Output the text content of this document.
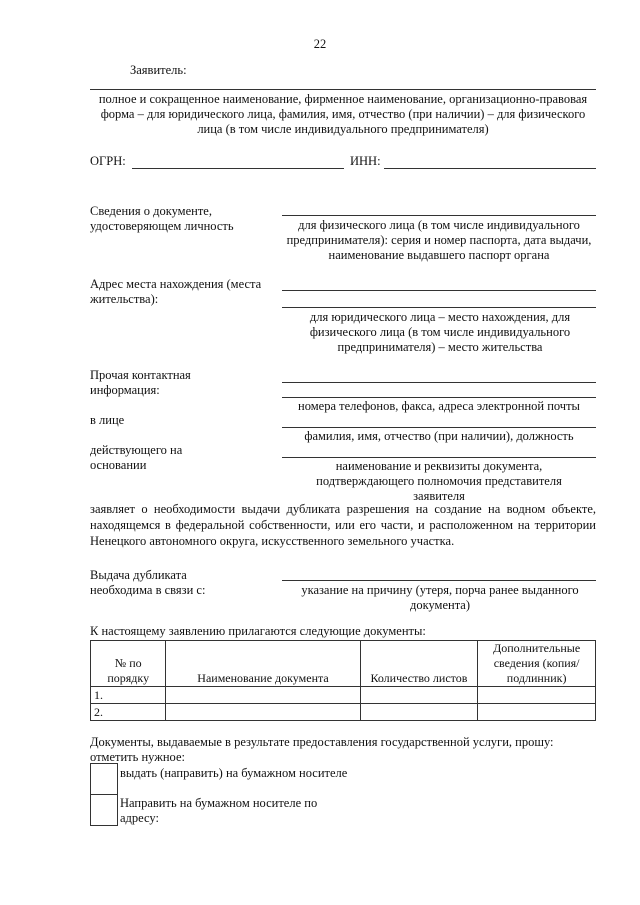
22
Заявитель:
полное и сокращенное наименование, фирменное наименование, организационно-правовая форма – для юридического лица, фамилия, имя, отчество (при наличии) – для физического лица (в том числе индивидуального предпринимателя)
ОГРН:	ИНН:
Сведения о документе, удостоверяющем личность	для физического лица (в том числе индивидуального предпринимателя): серия и номер паспорта, дата выдачи, наименование выдавшего паспорт органа
Адрес места нахождения (места жительства):
для юридического лица – место нахождения, для физического лица (в том числе индивидуального предпринимателя) – место жительства
Прочая контактная информация:
номера телефонов, факса, адреса электронной почты
в лице
фамилия, имя, отчество (при наличии), должность
действующего на основании	наименование и реквизиты документа, подтверждающего полномочия представителя заявителя
заявляет о необходимости выдачи дубликата разрешения на создание на водном объекте, находящемся в федеральной собственности, или его части, и расположенном на территории Ненецкого автономного округа, искусственного земельного участка.
Выдача дубликата необходима в связи с:	указание на причину (утеря, порча ранее выданного документа)
К настоящему заявлению прилагаются следующие документы:
№ по порядку	Наименование документа	Количество листов	Дополнительные сведения (копия/подлинник)
1.			
2.			
Документы, выдаваемые в результате предоставления государственной услуги, прошу: отметить нужное:
выдать (направить) на бумажном носителе
Направить на бумажном носителе по адресу:
